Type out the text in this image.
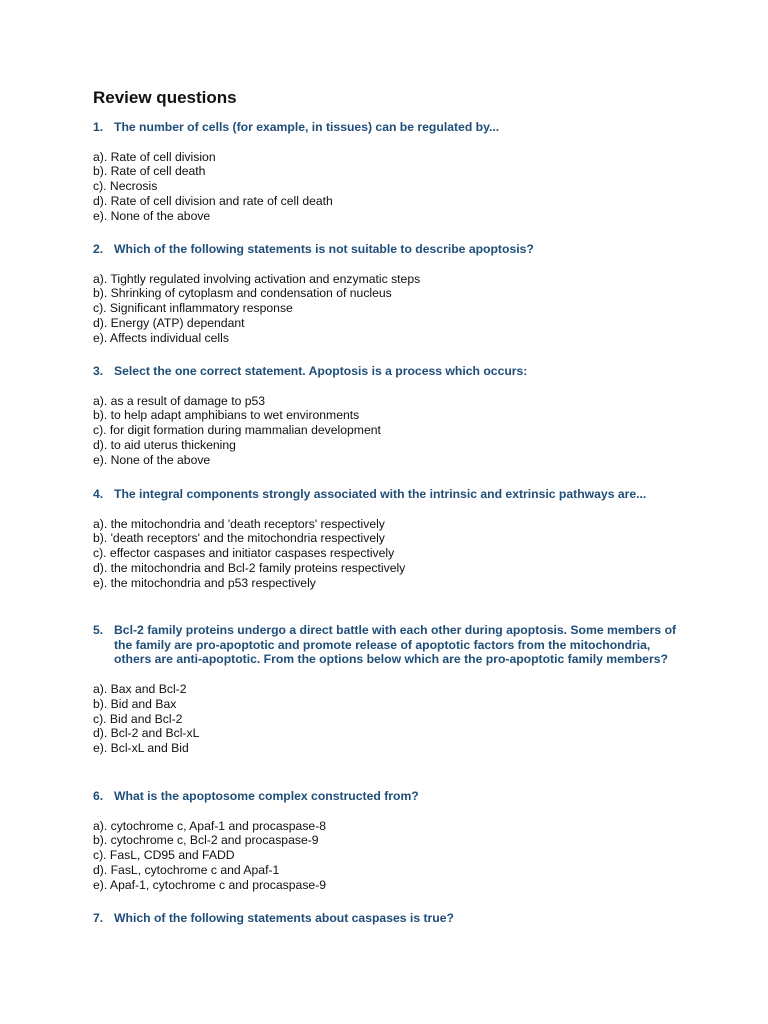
Review questions
1. The number of cells (for example, in tissues) can be regulated by...
a). Rate of cell division
b). Rate of cell death
c). Necrosis
d). Rate of cell division and rate of cell death
e). None of the above
2. Which of the following statements is not suitable to describe apoptosis?
a). Tightly regulated involving activation and enzymatic steps
b). Shrinking of cytoplasm and condensation of nucleus
c). Significant inflammatory response
d). Energy (ATP) dependant
e). Affects individual cells
3. Select the one correct statement. Apoptosis is a process which occurs:
a). as a result of damage to p53
b). to help adapt amphibians to wet environments
c). for digit formation during mammalian development
d). to aid uterus thickening
e). None of the above
4. The integral components strongly associated with the intrinsic and extrinsic pathways are...
a). the mitochondria and 'death receptors' respectively
b). 'death receptors' and the mitochondria respectively
c). effector caspases and initiator caspases respectively
d). the mitochondria and Bcl-2 family proteins respectively
e). the mitochondria and p53 respectively
5. Bcl-2 family proteins undergo a direct battle with each other during apoptosis. Some members of the family are pro-apoptotic and promote release of apoptotic factors from the mitochondria, others are anti-apoptotic. From the options below which are the pro-apoptotic family members?
a). Bax and Bcl-2
b). Bid and Bax
c). Bid and Bcl-2
d). Bcl-2 and Bcl-xL
e). Bcl-xL and Bid
6. What is the apoptosome complex constructed from?
a). cytochrome c, Apaf-1 and procaspase-8
b). cytochrome c, Bcl-2 and procaspase-9
c). FasL, CD95 and FADD
d). FasL, cytochrome c and Apaf-1
e). Apaf-1, cytochrome c and procaspase-9
7. Which of the following statements about caspases is true?
